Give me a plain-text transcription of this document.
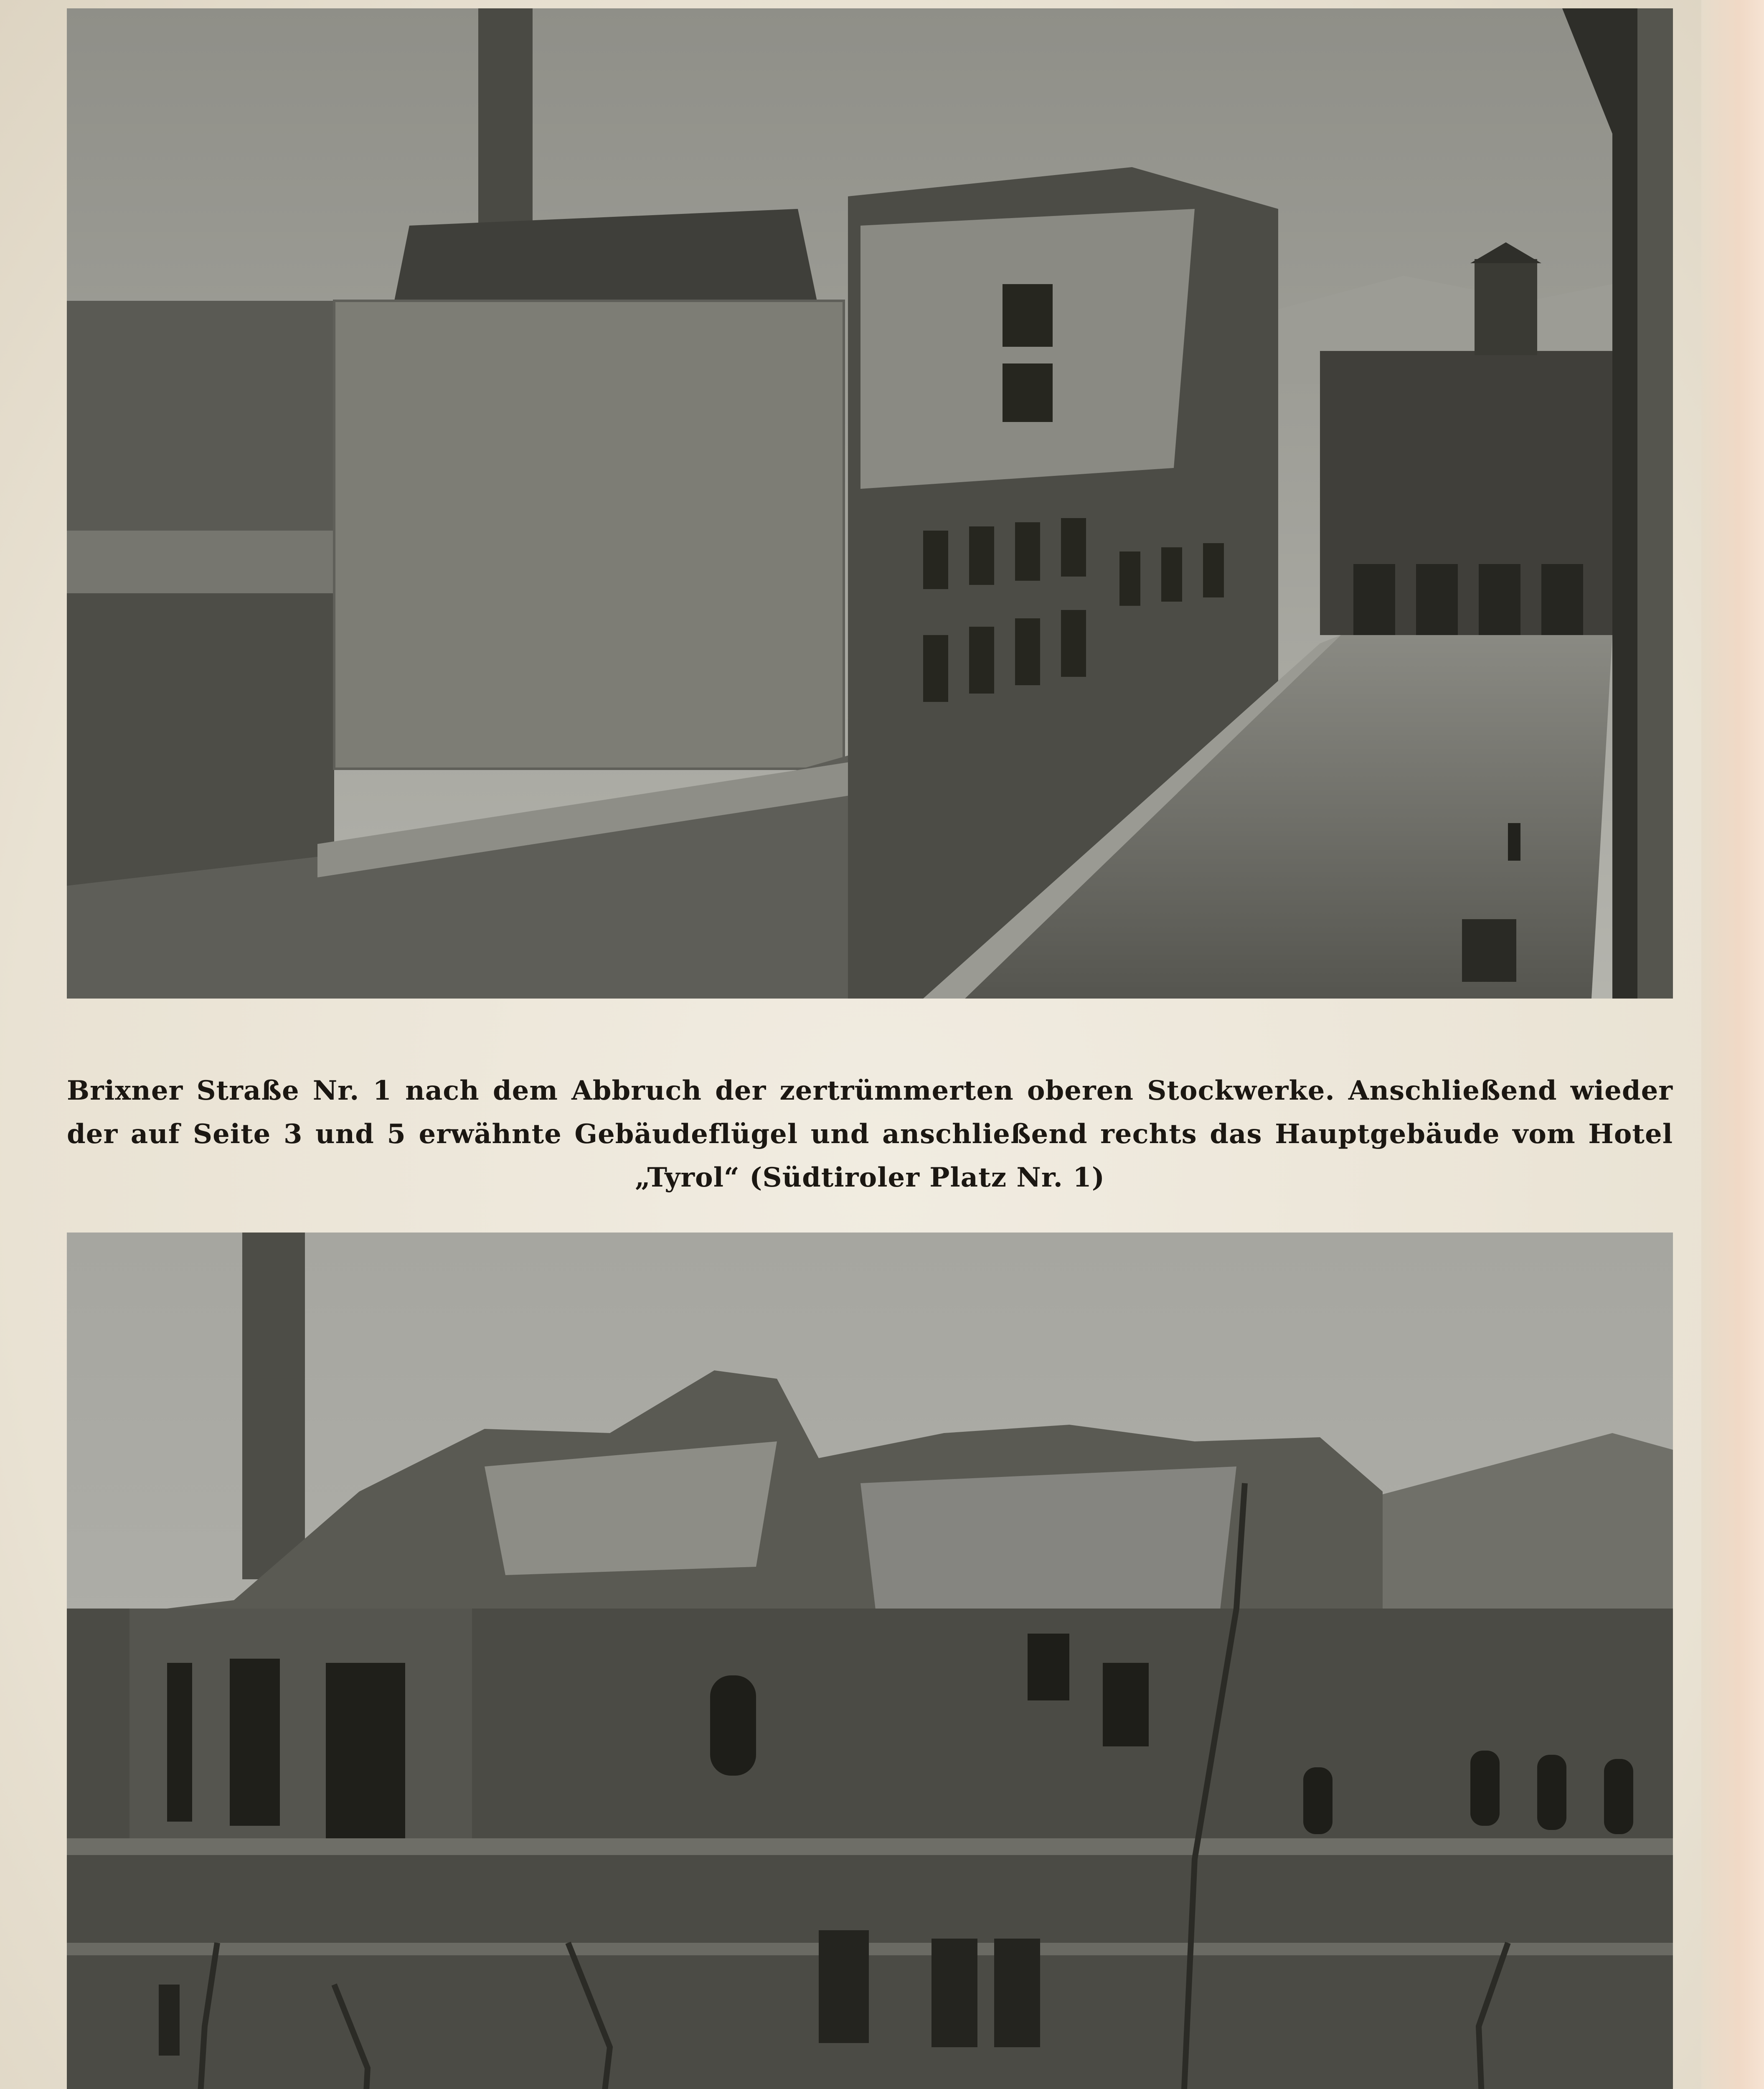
Brixner Straße Nr. 1 nach dem Abbruch der zertrümmerten oberen Stockwerke. Anschließend wieder der auf Seite 3 und 5 erwähnte Gebäudeflügel und anschließend rechts das Hauptgebäude vom Hotel „Tyrol“ (Südtiroler Platz Nr. 1)
